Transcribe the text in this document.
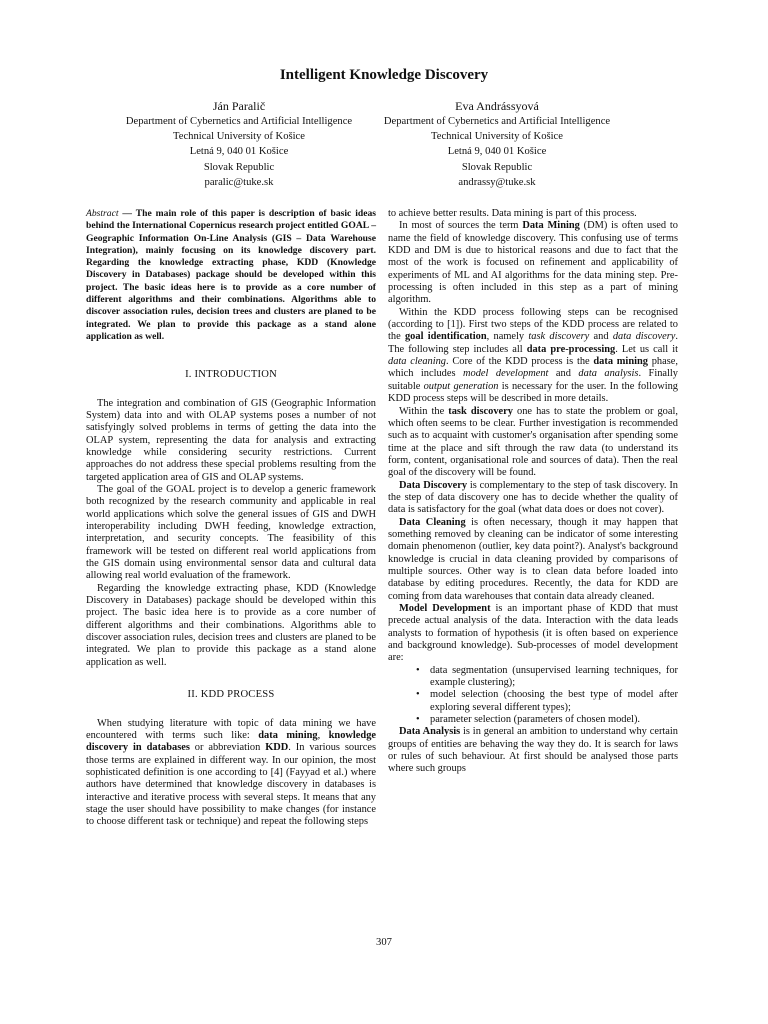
Intelligent Knowledge Discovery
Ján Paralič
Department of Cybernetics and Artificial Intelligence
Technical University of Košice
Letná 9, 040 01 Košice
Slovak Republic
paralic@tuke.sk
Eva Andrássyová
Department of Cybernetics and Artificial Intelligence
Technical University of Košice
Letná 9, 040 01 Košice
Slovak Republic
andrassy@tuke.sk
Abstract — The main role of this paper is description of basic ideas behind the International Copernicus research project entitled GOAL – Geographic Information On-Line Analysis (GIS – Data Warehouse Integration), mainly focusing on its knowledge discovery part. Regarding the knowledge extracting phase, KDD (Knowledge Discovery in Databases) package should be developed within this project. The basic ideas here is to provide as a core number of different algorithms and their combinations. Algorithms able to discover association rules, decision trees and clusters are planed to be integrated. We plan to provide this package as a stand alone application as well.
I. INTRODUCTION

The integration and combination of GIS (Geographic Information System) data into and with OLAP systems poses a number of not satisfyingly solved problems in terms of getting the data into the OLAP system, representing the data for analysis and extracting knowledge while considering security restrictions. Current approaches do not address these special problems resulting from the targeted application area of GIS and OLAP systems.

The goal of the GOAL project is to develop a generic framework both recognized by the research community and applicable in real world applications which solve the general issues of GIS and DWH interoperability including DWH feeding, knowledge extraction, interpretation, and security concepts. The feasibility of this framework will be tested on different real world applications from the GIS domain using environmental sensor data and cultural data allowing real world evaluation of the framework.

Regarding the knowledge extracting phase, KDD (Knowledge Discovery in Databases) package should be developed within this project. The basic idea here is to provide as a core number of different algorithms and their combinations. Algorithms able to discover association rules, decision trees and clusters are planed to be integrated. We plan to provide this package as a stand alone application as well.

II. KDD PROCESS

When studying literature with topic of data mining we have encountered with terms such like: data mining, knowledge discovery in databases or abbreviation KDD. In various sources those terms are explained in different way. In our opinion, the most sophisticated definition is one according to [4] (Fayyad et al.) where authors have determined that knowledge discovery in databases is interactive and iterative process with several steps. It means that any stage the user should have possibility to make changes (for instance to choose different task or technique) and repeat the following steps

to achieve better results. Data mining is part of this process.

In most of sources the term Data Mining (DM) is often used to name the field of knowledge discovery. This confusing use of terms KDD and DM is due to historical reasons and due to fact that the most of the work is focused on refinement and applicability of experiments of ML and AI algorithms for the data mining step. Pre-processing is often included in this step as a part of mining algorithm.

Within the KDD process following steps can be recognised (according to [1]). First two steps of the KDD process are related to the goal identification, namely task discovery and data discovery. The following step includes all data pre-processing. Let us call it data cleaning. Core of the KDD process is the data mining phase, which includes model development and data analysis. Finally suitable output generation is necessary for the user. In the following KDD process steps will be described in more details.

Within the task discovery one has to state the problem or goal, which often seems to be clear. Further investigation is recommended such as to acquaint with customer's organisation after spending some time at the place and sift through the raw data (to understand its form, content, organisational role and sources of data). Then the real goal of the discovery will be found.

Data Discovery is complementary to the step of task discovery. In the step of data discovery one has to decide whether the quality of data is satisfactory for the goal (what data does or does not cover).

Data Cleaning is often necessary, though it may happen that something removed by cleaning can be indicator of some interesting domain phenomenon (outlier, key data point?). Analyst's background knowledge is crucial in data cleaning provided by comparisons of multiple sources. Other way is to clean data before loaded into database by editing procedures. Recently, the data for KDD are coming from data warehouses that contain data already cleaned.

Model Development is an important phase of KDD that must precede actual analysis of the data. Interaction with the data leads analysts to formation of hypothesis (it is often based on experience and background knowledge). Sub-processes of model development are:

• data segmentation (unsupervised learning techniques, for example clustering);
• model selection (choosing the best type of model after exploring several different types);
• parameter selection (parameters of chosen model).

Data Analysis is in general an ambition to understand why certain groups of entities are behaving the way they do. It is search for laws or rules of such behaviour. At first should be analysed those parts where such groups

307
